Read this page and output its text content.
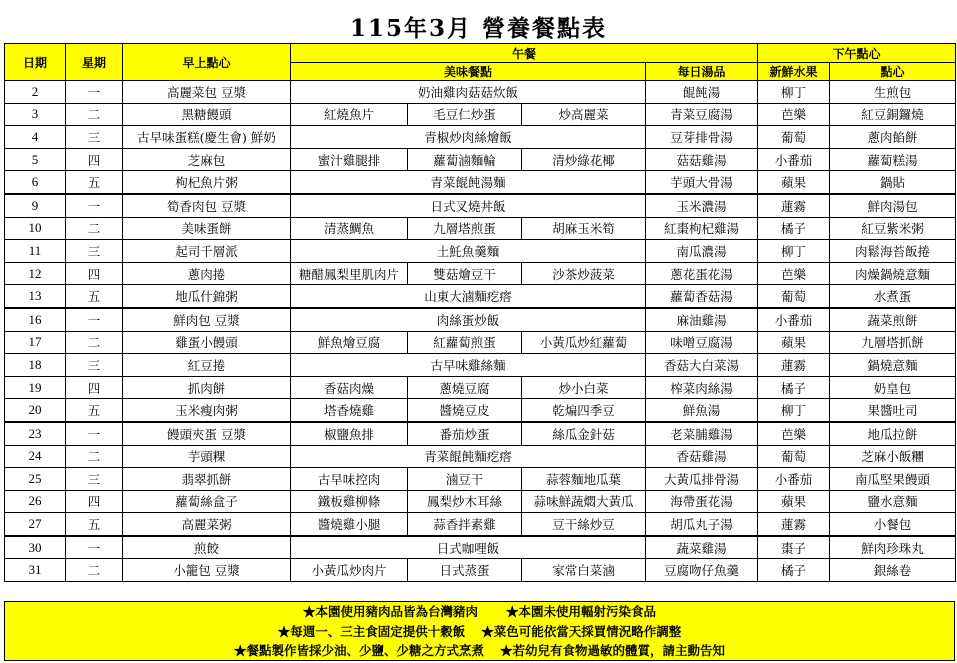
115年3月 營養餐點表
日期	星期	早上點心	午餐				下午點心	
			美味餐點			每日湯品	新鮮水果	點心
2	一	高麗菜包 豆漿	奶油雞肉菇菇炊飯			餛飩湯	柳丁	生煎包
3	二	黑糖饅頭	紅燒魚片	毛豆仁炒蛋	炒高麗菜	青菜豆腐湯	芭樂	紅豆銅鑼燒
4	三	古早味蛋糕(慶生會) 鮮奶	青椒炒肉絲燴飯			豆芽排骨湯	葡萄	蔥肉餡餅
5	四	芝麻包	蜜汁雞腿排	蘿蔔滷麵輪	清炒綠花椰	菇菇雞湯	小番茄	蘿蔔糕湯
6	五	枸杞魚片粥	青菜餛飩湯麵			芋頭大骨湯	蘋果	鍋貼
9	一	筍香肉包 豆漿	日式叉燒丼飯			玉米濃湯	蓮霧	鮮肉湯包
10	二	美味蛋餅	清蒸鯛魚	九層塔煎蛋	胡麻玉米筍	紅棗枸杞雞湯	橘子	紅豆紫米粥
11	三	起司千層派	土魠魚羹麵			南瓜濃湯	柳丁	肉鬆海苔飯捲
12	四	蔥肉捲	糖醋鳳梨里肌肉片	雙菇燴豆干	沙茶炒菠菜	蔥花蛋花湯	芭樂	肉燥鍋燒意麵
13	五	地瓜什錦粥	山東大滷麵疙瘩			蘿蔔香菇湯	葡萄	水煮蛋
16	一	鮮肉包 豆漿	肉絲蛋炒飯			麻油雞湯	小番茄	蔬菜煎餅
17	二	雞蛋小饅頭	鮮魚燴豆腐	紅蘿蔔煎蛋	小黃瓜炒紅蘿蔔	味噌豆腐湯	蘋果	九層塔抓餅
18	三	紅豆捲	古早味雞絲麵			香菇大白菜湯	蓮霧	鍋燒意麵
19	四	抓肉餅	香菇肉燥	蔥燒豆腐	炒小白菜	榨菜肉絲湯	橘子	奶皇包
20	五	玉米瘦肉粥	塔香燒雞	醬燒豆皮	乾煸四季豆	鮮魚湯	柳丁	果醬吐司
23	一	饅頭夾蛋 豆漿	椒鹽魚排	番茄炒蛋	絲瓜金針菇	老菜脯雞湯	芭樂	地瓜拉餅
24	二	芋頭粿	青菜餛飩麵疙瘩			香菇雞湯	葡萄	芝麻小飯糰
25	三	翡翠抓餅	古早味控肉	滷豆干	蒜蓉麵地瓜葉	大黃瓜排骨湯	小番茄	南瓜堅果饅頭
26	四	蘿蔔絲盒子	鐵板雞柳條	鳳梨炒木耳絲	蒜味鮮蔬燜大黃瓜	海帶蛋花湯	蘋果	鹽水意麵
27	五	高麗菜粥	醬燒雞小腿	蒜香拌素雞	豆干絲炒豆	胡瓜丸子湯	蓮霧	小餐包
30	一	煎餃	日式咖哩飯			蔬菜雞湯	棗子	鮮肉珍珠丸
31	二	小籠包 豆漿	小黃瓜炒肉片	日式蒸蛋	家常白菜滷	豆腐吻仔魚羹	橘子	銀絲卷
★本園使用豬肉品皆為台灣豬肉 ★本園未使用輻射污染食品
★每週一、三主食固定提供十穀飯 ★菜色可能依當天採買情況略作調整
★餐點製作皆採少油、少鹽、少糖之方式烹煮 ★若幼兒有食物過敏的體質，請主動告知
